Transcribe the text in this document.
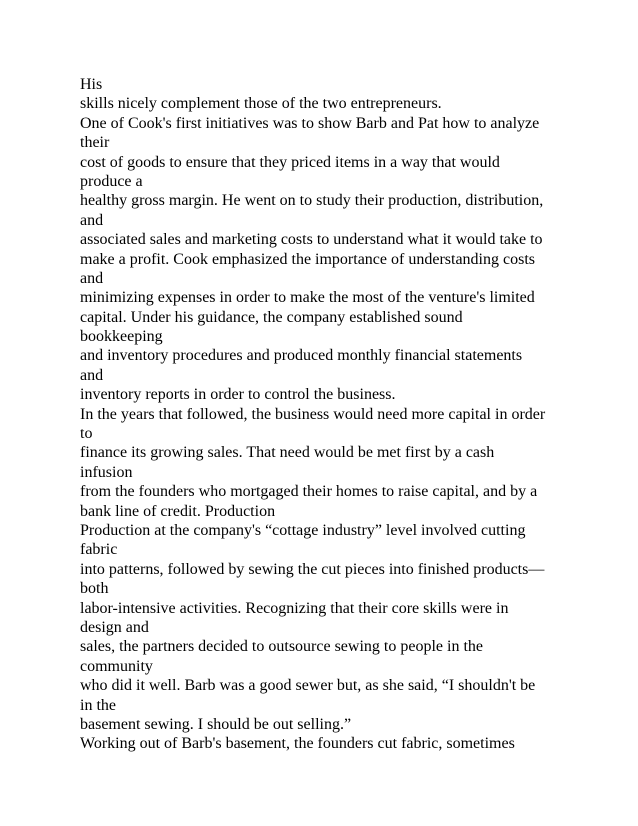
His
skills nicely complement those of the two entrepreneurs.
One of Cook's first initiatives was to show Barb and Pat how to analyze
their
cost of goods to ensure that they priced items in a way that would
produce a
healthy gross margin. He went on to study their production, distribution,
and
associated sales and marketing costs to understand what it would take to
make a profit. Cook emphasized the importance of understanding costs
and
minimizing expenses in order to make the most of the venture's limited
capital. Under his guidance, the company established sound
bookkeeping
and inventory procedures and produced monthly financial statements
and
inventory reports in order to control the business.
In the years that followed, the business would need more capital in order
to
finance its growing sales. That need would be met first by a cash
infusion
from the founders who mortgaged their homes to raise capital, and by a
bank line of credit. Production
Production at the company's “cottage industry” level involved cutting
fabric
into patterns, followed by sewing the cut pieces into finished products—
both
labor-intensive activities. Recognizing that their core skills were in
design and
sales, the partners decided to outsource sewing to people in the
community
who did it well. Barb was a good sewer but, as she said, “I shouldn't be
in the
basement sewing. I should be out selling.”
Working out of Barb's basement, the founders cut fabric, sometimes
